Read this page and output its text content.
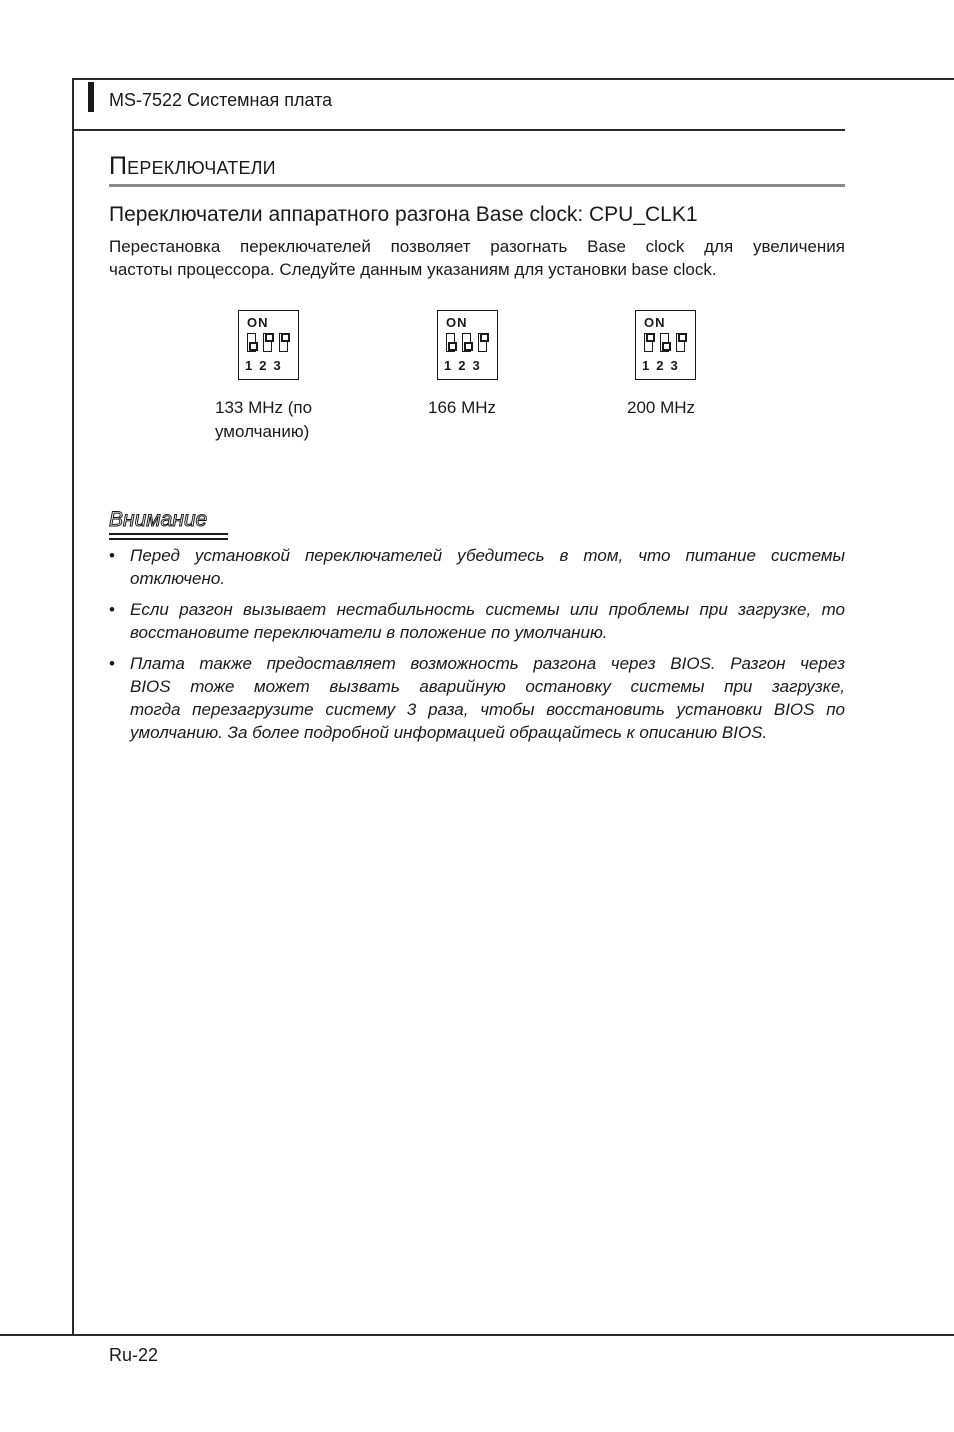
MS-7522 Системная плата
Переключатели
Переключатели аппаратного разгона Base clock: CPU_CLK1
Перестановка переключателей позволяет разогнать Base clock для увеличения
частоты процессора. Следуйте данным указаниям для установки base clock.
ON
123
133 MHz (по
умолчанию)
ON
123
166 MHz
ON
123
200 MHz
Внимание
• Перед установкой переключателей убедитесь в том, что питание системы
отключено.
• Если разгон вызывает нестабильность системы или проблемы при загрузке, то
восстановите переключатели в положение по умолчанию.
• Плата также предоставляет возможность разгона через BIOS. Разгон через
BIOS тоже может вызвать аварийную остановку системы при загрузке,
тогда перезагрузите систему 3 раза, чтобы восстановить установки BIOS по
умолчанию. За более подробной информацией обращайтесь к описанию BIOS.
Ru-22
